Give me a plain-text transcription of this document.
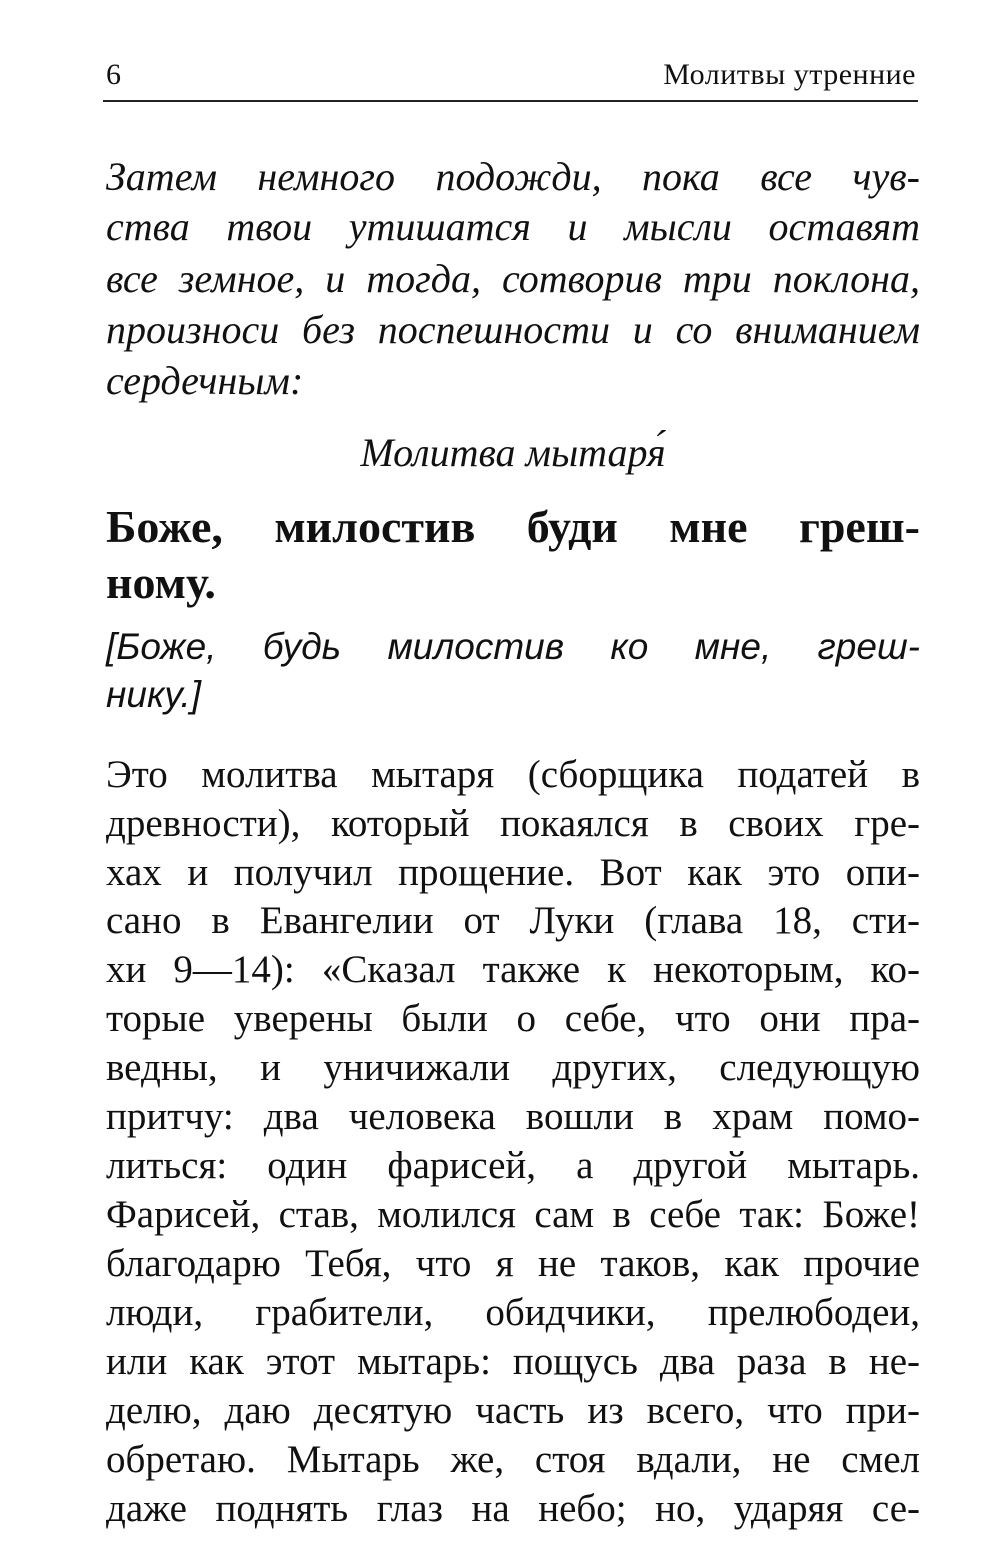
6	Молитвы утренние
Затем немного подожди, пока все чув-
ства твои утишатся и мысли оставят
все земное, и тогда, сотворив три поклона,
произноси без поспешности и со вниманием
сердечным:
Молитва мытаря́
Боже, милостив буди мне греш-
ному.
[Боже, будь милостив ко мне, греш-
нику.]
Это молитва мытаря (сборщика податей в
древности), который покаялся в своих гре-
хах и получил прощение. Вот как это опи-
сано в Евангелии от Луки (глава 18, сти-
хи 9—14): «Сказал также к некоторым, ко-
торые уверены были о себе, что они пра-
ведны, и уничижали других, следующую
притчу: два человека вошли в храм помо-
литься: один фарисей, а другой мытарь.
Фарисей, став, молился сам в себе так: Боже!
благодарю Тебя, что я не таков, как прочие
люди, грабители, обидчики, прелюбодеи,
или как этот мытарь: пощусь два раза в не-
делю, даю десятую часть из всего, что при-
обретаю. Мытарь же, стоя вдали, не смел
даже поднять глаз на небо; но, ударяя се-
